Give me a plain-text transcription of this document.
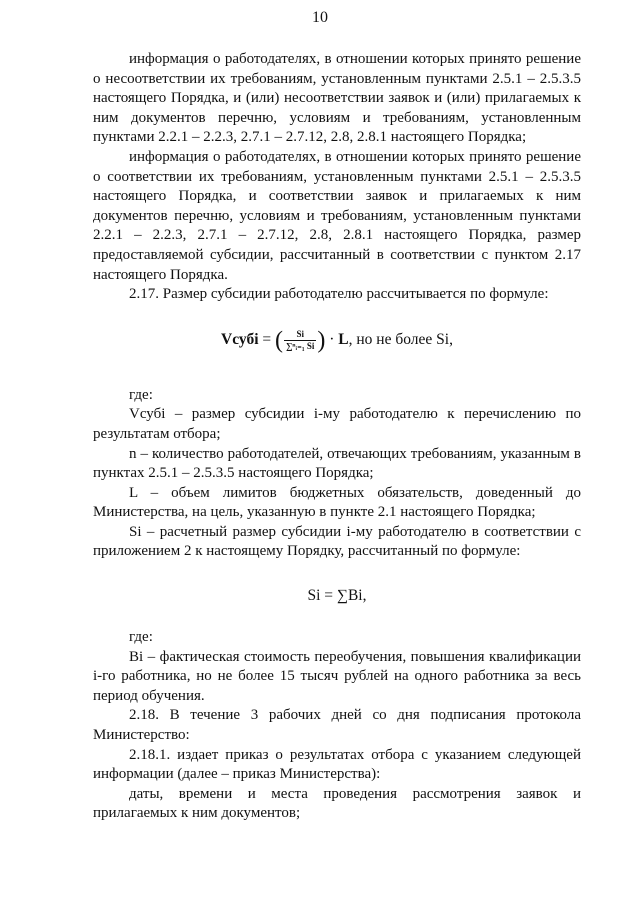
10

информация о работодателях, в отношении которых принято решение о несоответствии их требованиям, установленным пунктами 2.5.1 – 2.5.3.5 настоящего Порядка, и (или) несоответствии заявок и (или) прилагаемых к ним документов перечню, условиям и требованиям, установленным пунктами 2.2.1 – 2.2.3, 2.7.1 – 2.7.12, 2.8, 2.8.1 настоящего Порядка;

информация о работодателях, в отношении которых принято решение о соответствии их требованиям, установленным пунктами 2.5.1 – 2.5.3.5 настоящего Порядка, и соответствии заявок и прилагаемых к ним документов перечню, условиям и требованиям, установленным пунктами 2.2.1 – 2.2.3, 2.7.1 – 2.7.12, 2.8, 2.8.1 настоящего Порядка, размер предоставляемой субсидии, рассчитанный в соответствии с пунктом 2.17 настоящего Порядка.

2.17. Размер субсидии работодателю рассчитывается по формуле:

Vсубi = ( $\frac{Si}{\text{∑ⁿᵢ₌₁ Si}}$ ) · L, но не более Si,

где:

Vсубi – размер субсидии i-му работодателю к перечислению по результатам отбора;

n – количество работодателей, отвечающих требованиям, указанным в пунктах 2.5.1 – 2.5.3.5 настоящего Порядка;

L – объем лимитов бюджетных обязательств, доведенный до Министерства, на цель, указанную в пункте 2.1 настоящего Порядка;

Si – расчетный размер субсидии i-му работодателю в соответствии с приложением 2 к настоящему Порядку, рассчитанный по формуле:

Si = ∑Bi,

где:

Bi – фактическая стоимость переобучения, повышения квалификации i-го работника, но не более 15 тысяч рублей на одного работника за весь период обучения.

2.18. В течение 3 рабочих дней со дня подписания протокола Министерство:

2.18.1. издает приказ о результатах отбора с указанием следующей информации (далее – приказ Министерства):

даты, времени и места проведения рассмотрения заявок и прилагаемых к ним документов;
